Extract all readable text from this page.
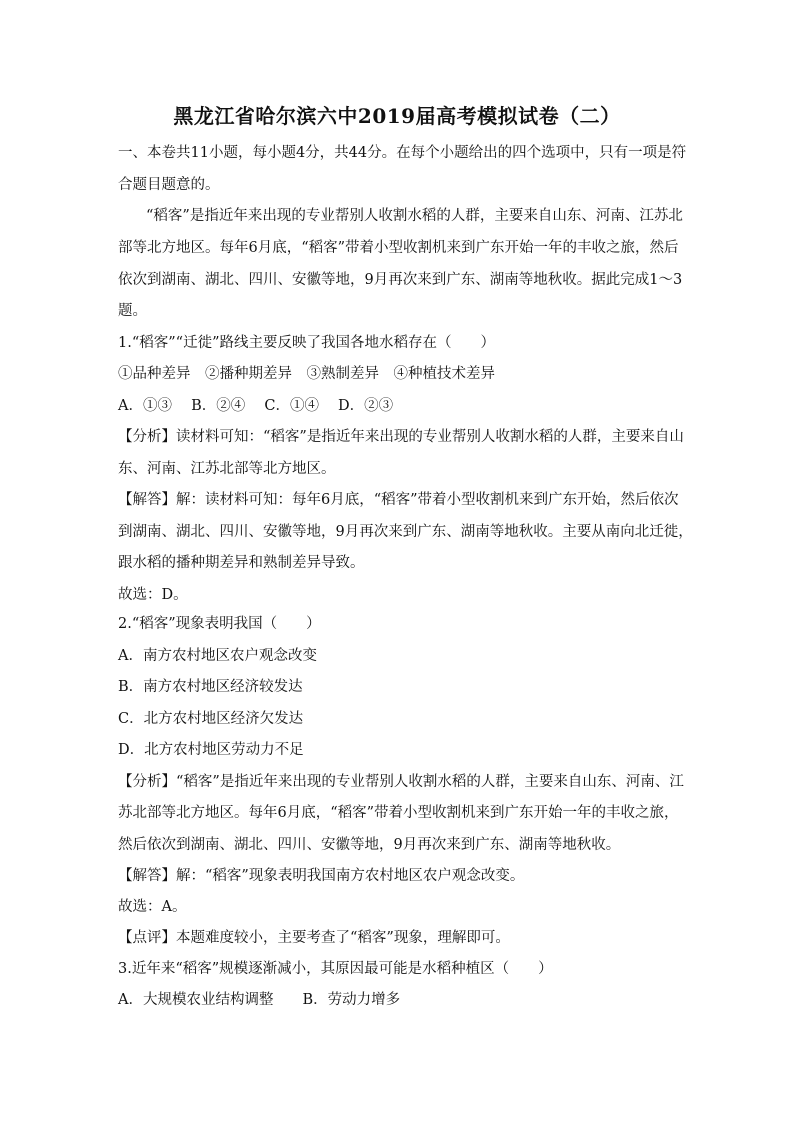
黑龙江省哈尔滨六中2019届高考模拟试卷（二）
一、本卷共11小题，每小题4分，共44分。在每个小题给出的四个选项中，只有一项是符
合题目题意的。
“稻客”是指近年来出现的专业帮别人收割水稻的人群，主要来自山东、河南、江苏北
部等北方地区。每年6月底，“稻客”带着小型收割机来到广东开始一年的丰收之旅，然后
依次到湖南、湖北、四川、安徽等地，9月再次来到广东、湖南等地秋收。据此完成1～3
题。
1.“稻客”“迁徙”路线主要反映了我国各地水稻存在（　　）
①品种差异　②播种期差异　③熟制差异　④种植技术差异
A．①③　 B．②④　 C．①④　 D．②③
【分析】读材料可知：“稻客”是指近年来出现的专业帮别人收割水稻的人群，主要来自山
东、河南、江苏北部等北方地区。
【解答】解：读材料可知：每年6月底，“稻客”带着小型收割机来到广东开始，然后依次
到湖南、湖北、四川、安徽等地，9月再次来到广东、湖南等地秋收。主要从南向北迁徙，
跟水稻的播种期差异和熟制差异导致。
故选：D。
2.“稻客”现象表明我国（　　）
A．南方农村地区农户观念改变
B．南方农村地区经济较发达
C．北方农村地区经济欠发达
D．北方农村地区劳动力不足
【分析】“稻客”是指近年来出现的专业帮别人收割水稻的人群，主要来自山东、河南、江
苏北部等北方地区。每年6月底，“稻客”带着小型收割机来到广东开始一年的丰收之旅，
然后依次到湖南、湖北、四川、安徽等地，9月再次来到广东、湖南等地秋收。
【解答】解：“稻客”现象表明我国南方农村地区农户观念改变。
故选：A。
【点评】本题难度较小，主要考查了“稻客”现象，理解即可。
3.近年来“稻客”规模逐渐减小，其原因最可能是水稻种植区（　　）
A．大规模农业结构调整　　B．劳动力增多
